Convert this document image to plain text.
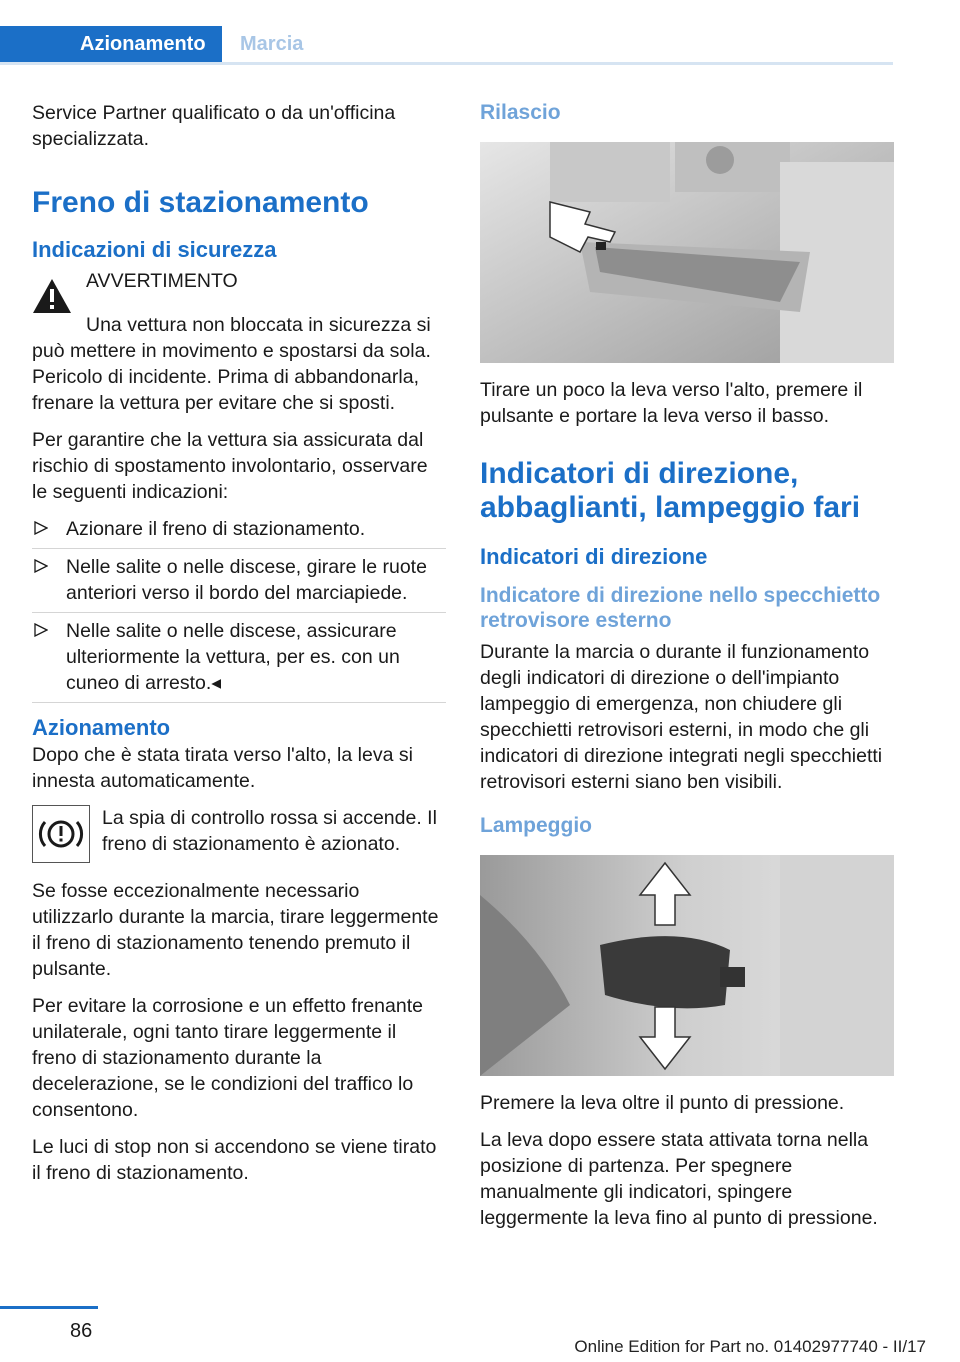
Azionamento	Marcia

Service Partner qualificato o da un'officina specializzata.

Freno di stazionamento
Indicazioni di sicurezza

AVVERTIMENTO

Una vettura non bloccata in sicurezza si può mettere in movimento e spostarsi da sola. Pericolo di incidente. Prima di abbandonarla, frenare la vettura per evitare che si sposti.

Per garantire che la vettura sia assicurata dal rischio di spostamento involontario, osservare le seguenti indicazioni:

Azionare il freno di stazionamento.
Nelle salite o nelle discese, girare le ruote anteriori verso il bordo del marciapiede.
Nelle salite o nelle discese, assicurare ulteriormente la vettura, per es. con un cuneo di arresto.◂
Azionamento

Dopo che è stata tirata verso l'alto, la leva si innesta automaticamente.

La spia di controllo rossa si accende. Il freno di stazionamento è azionato.

Se fosse eccezionalmente necessario utilizzarlo durante la marcia, tirare leggermente il freno di stazionamento tenendo premuto il pulsante.

Per evitare la corrosione e un effetto frenante unilaterale, ogni tanto tirare leggermente il freno di stazionamento durante la decelerazione, se le condizioni del traffico lo consentono.

Le luci di stop non si accendono se viene tirato il freno di stazionamento.

Rilascio

Tirare un poco la leva verso l'alto, premere il pulsante e portare la leva verso il basso.

Indicatori di direzione, abbaglianti, lampeggio fari
Indicatori di direzione
Indicatore di direzione nello specchietto retrovisore esterno

Durante la marcia o durante il funzionamento degli indicatori di direzione o dell'impianto lampeggio di emergenza, non chiudere gli specchietti retrovisori esterni, in modo che gli indicatori di direzione integrati negli specchietti retrovisori esterni siano ben visibili.

Lampeggio

Premere la leva oltre il punto di pressione.

La leva dopo essere stata attivata torna nella posizione di partenza. Per spegnere manualmente gli indicatori, spingere leggermente la leva fino al punto di pressione.

86
Online Edition for Part no. 01402977740 - II/17
